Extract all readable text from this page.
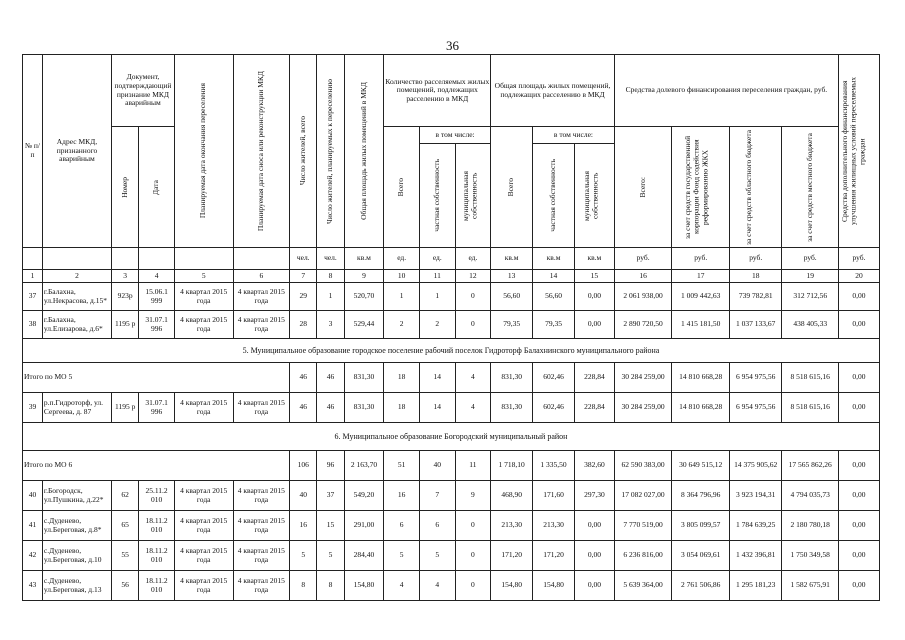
36
№ п/ п	Адрес МКД, признанного аварийным	Документ, подтверждающий признание МКД аварийным		Планируемая дата окончания переселения	Планируемая дата сноса или реконструкции МКД	Число жителей, всего	Число жителей, планируемых к переселению	Общая площадь жилых помещений в МКД	Количество расселяемых жилых помещений, подлежащих расселению в МКД			Общая площадь жилых помещений, подлежащих расселению в МКД			Средства долевого финансирования переселения граждан, руб.				Средства дополнительного финансирования улучшения жилищных условий переселяемых граждан

		Номер	Дата						Всего	в том числе:		Всего	в том числе:		Всего:	за счет средств государственной корпорации Фонд содействия реформированию ЖКХ	за счет средств областного бюджета	за счет средств местного бюджета	

										частная собственность	муниципальная собственность		частная собственность	муниципальная собственность					

						чел.	чел.	кв.м	ед.	ед.	ед.	кв.м	кв.м	кв.м	руб.	руб.	руб.	руб.	руб.
1	2	3	4	5	6	7	8	9	10	11	12	13	14	15	16	17	18	19	20
37	г.Балахна, ул.Некрасова, д.15*	923р	15.06.1 999	4 квартал 2015 года	4 квартал 2015 года	29	1	520,70	1	1	0	56,60	56,60	0,00	2 061 938,00	1 009 442,63	739 782,81	312 712,56	0,00
38	г.Балахна, ул.Елизарова, д.6*	1195 р	31.07.1 996	4 квартал 2015 года	4 квартал 2015 года	28	3	529,44	2	2	0	79,35	79,35	0,00	2 890 720,50	1 415 181,50	1 037 133,67	438 405,33	0,00
5. Муниципальное образование городское поселение рабочий поселок Гидроторф Балахнинского муниципального района																			
Итого по МО 5						46	46	831,30	18	14	4	831,30	602,46	228,84	30 284 259,00	14 810 668,28	6 954 975,56	8 518 615,16	0,00
39	р.п.Гидроторф, ул. Сергеева, д. 87	1195 р	31.07.1 996	4 квартал 2015 года	4 квартал 2015 года	46	46	831,30	18	14	4	831,30	602,46	228,84	30 284 259,00	14 810 668,28	6 954 975,56	8 518 615,16	0,00
6. Муниципальное образование Богородский муниципальный район																			
Итого по МО 6						106	96	2 163,70	51	40	11	1 718,10	1 335,50	382,60	62 590 383,00	30 649 515,12	14 375 905,62	17 565 862,26	0,00
40	г.Богородск, ул.Пушкина, д.22*	62	25.11.2 010	4 квартал 2015 года	4 квартал 2015 года	40	37	549,20	16	7	9	468,90	171,60	297,30	17 082 027,00	8 364 796,96	3 923 194,31	4 794 035,73	0,00
41	с.Дуденево, ул.Береговая, д.8*	65	18.11.2 010	4 квартал 2015 года	4 квартал 2015 года	16	15	291,00	6	6	0	213,30	213,30	0,00	7 770 519,00	3 805 099,57	1 784 639,25	2 180 780,18	0,00
42	с.Дуденево, ул.Береговая, д.10	55	18.11.2 010	4 квартал 2015 года	4 квартал 2015 года	5	5	284,40	5	5	0	171,20	171,20	0,00	6 236 816,00	3 054 069,61	1 432 396,81	1 750 349,58	0,00
43	с.Дуденево, ул.Береговая, д.13	56	18.11.2 010	4 квартал 2015 года	4 квартал 2015 года	8	8	154,80	4	4	0	154,80	154,80	0,00	5 639 364,00	2 761 506,86	1 295 181,23	1 582 675,91	0,00
